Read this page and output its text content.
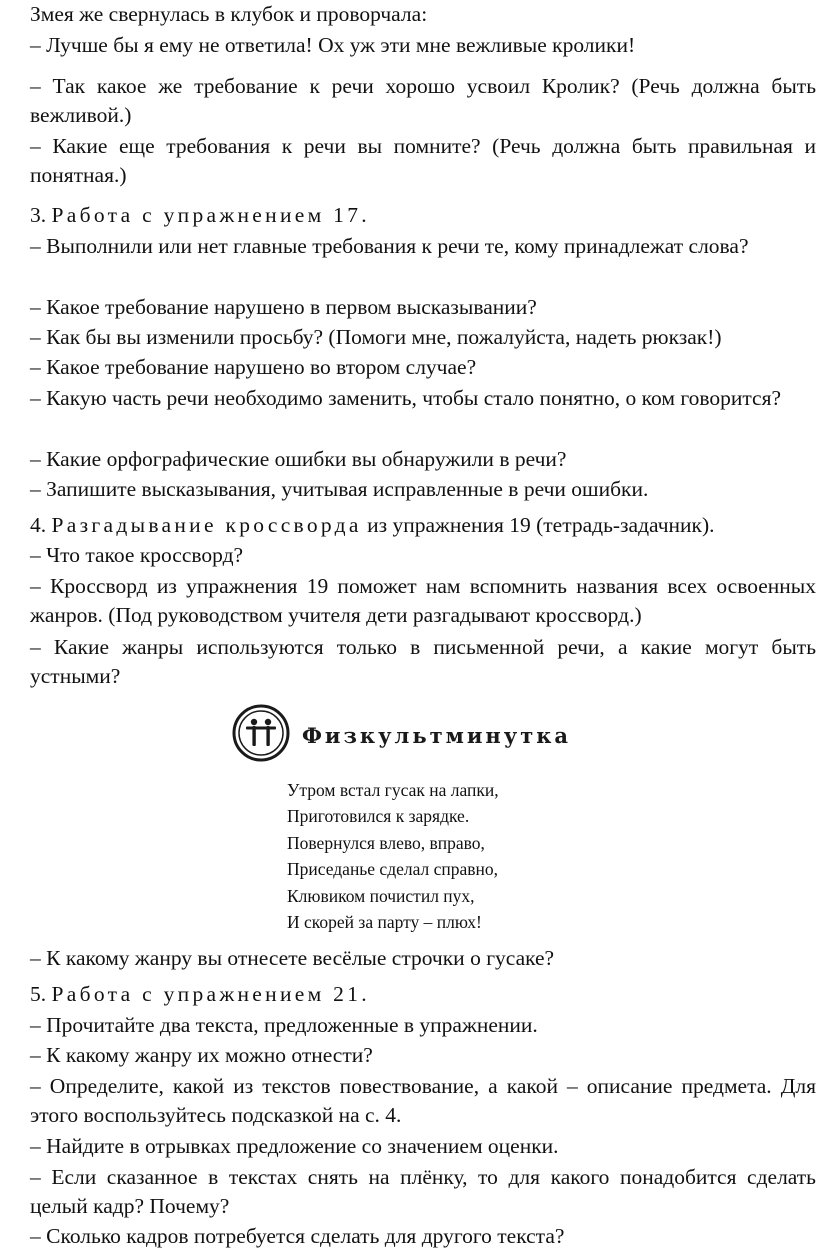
Змея же свернулась в клубок и проворчала:

– Лучше бы я ему не ответила! Ох уж эти мне вежливые кролики!

– Так какое же требование к речи хорошо усвоил Кролик? (Речь должна быть вежливой.)

– Какие еще требования к речи вы помните? (Речь должна быть правильная и понятная.)

3. Работа с упражнением 17.

– Выполнили или нет главные требования к речи те, кому принадлежат слова?

– Какое требование нарушено в первом высказывании?

– Как бы вы изменили просьбу? (Помоги мне, пожалуйста, надеть рюкзак!)

– Какое требование нарушено во втором случае?

– Какую часть речи необходимо заменить, чтобы стало понятно, о ком говорится?

– Какие орфографические ошибки вы обнаружили в речи?

– Запишите высказывания, учитывая исправленные в речи ошибки.

4. Разгадывание кроссворда из упражнения 19 (тетрадь-задачник).

– Что такое кроссворд?

– Кроссворд из упражнения 19 поможет нам вспомнить названия всех освоенных жанров. (Под руководством учителя дети разгадывают кроссворд.)

– Какие жанры используются только в письменной речи, а какие могут быть устными?

Физкультминутка

Утром встал гусак на лапки,

Приготовился к зарядке.

Повернулся влево, вправо,

Приседанье сделал справно,

Клювиком почистил пух,

И скорей за парту – плюх!

– К какому жанру вы отнесете весёлые строчки о гусаке?

5. Работа с упражнением 21.

– Прочитайте два текста, предложенные в упражнении.

– К какому жанру их можно отнести?

– Определите, какой из текстов повествование, а какой – описание предмета. Для этого воспользуйтесь подсказкой на с. 4.

– Найдите в отрывках предложение со значением оценки.

– Если сказанное в текстах снять на плёнку, то для какого понадобится сделать целый кадр? Почему?

– Сколько кадров потребуется сделать для другого текста?
